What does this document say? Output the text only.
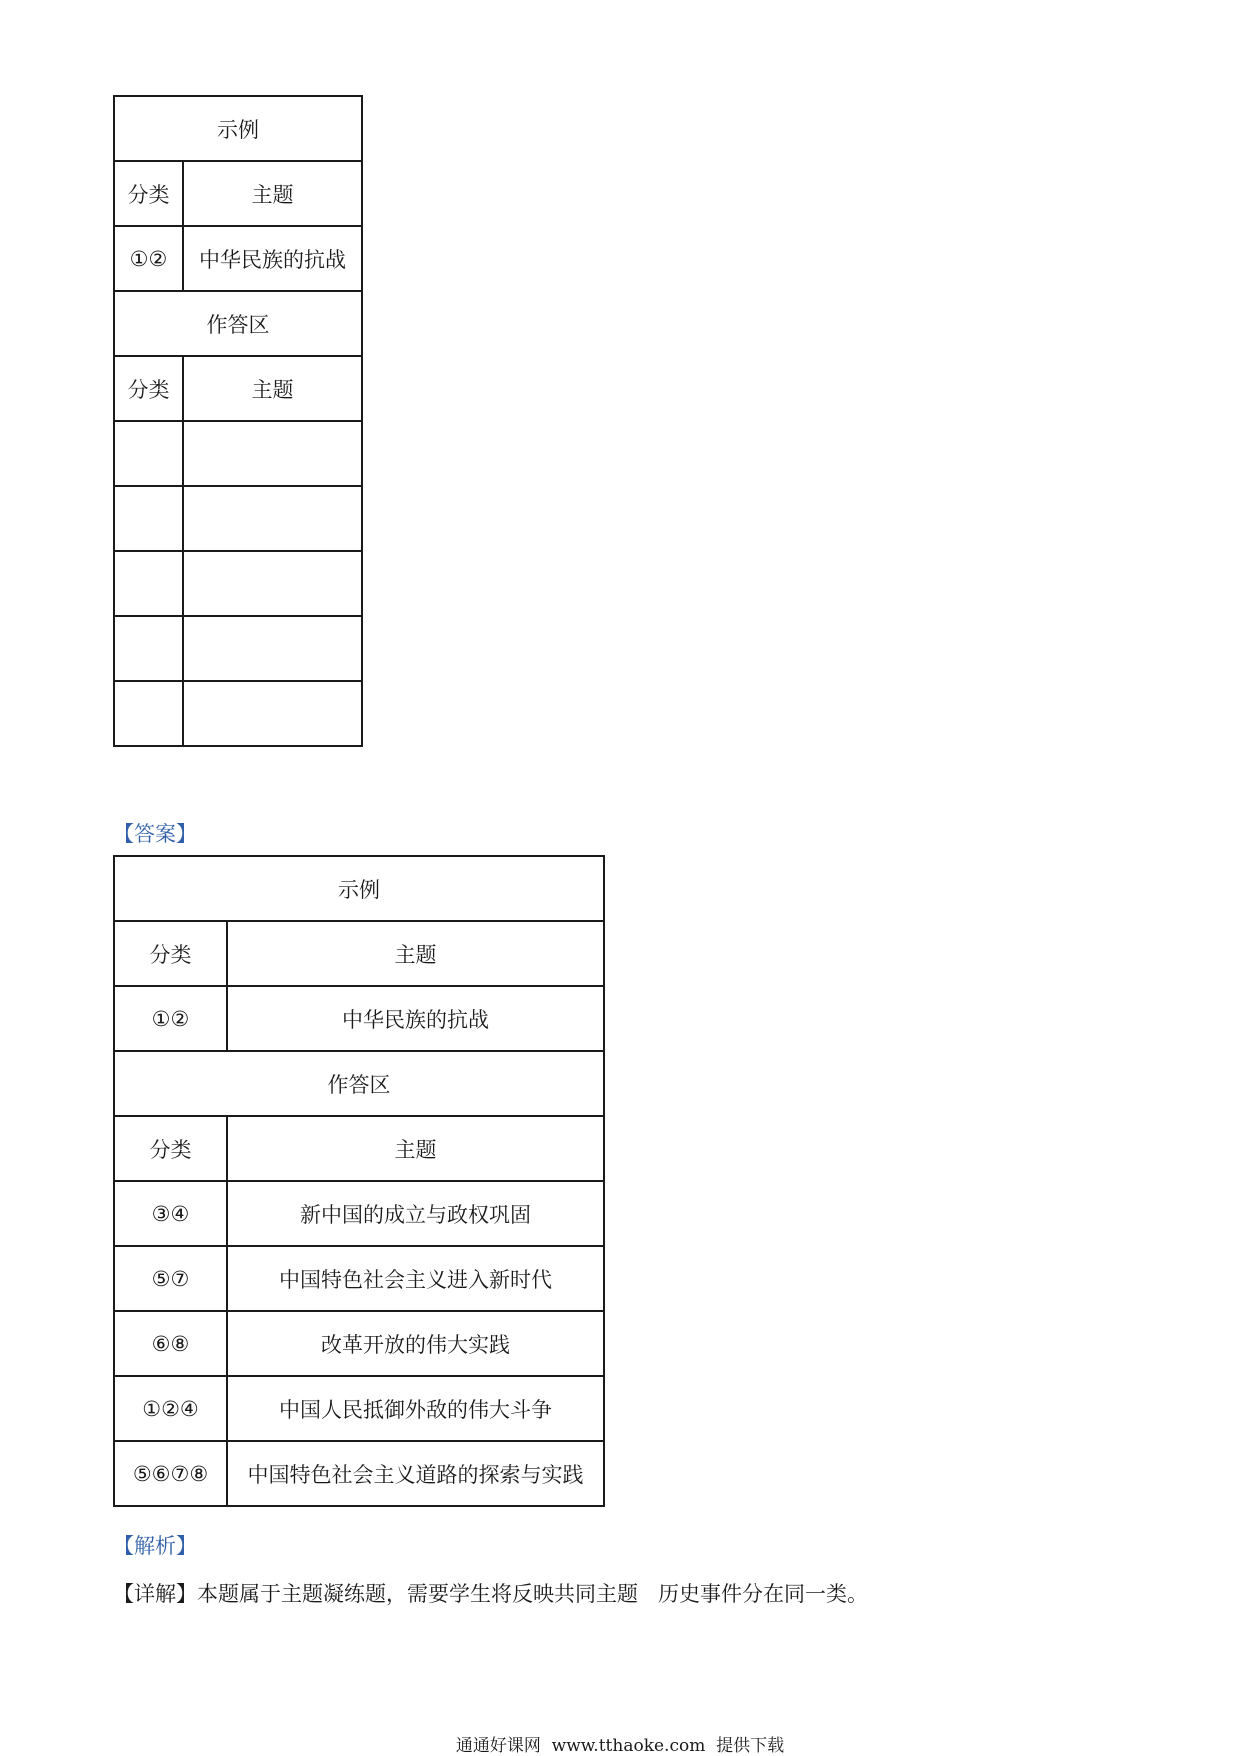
示例	
分类	主题
①②	中华民族的抗战
作答区	
分类	主题

【答案】
示例	
分类	主题
①②	中华民族的抗战
作答区	
分类	主题
③④	新中国的成立与政权巩固
⑤⑦	中国特色社会主义进入新时代
⑥⑧	改革开放的伟大实践
①②④	中国人民抵御外敌的伟大斗争
⑤⑥⑦⑧	中国特色社会主义道路的探索与实践
【解析】
【详解】本题属于主题凝练题，需要学生将反映共同主题   历史事件分在同一类。
通通好课网  www.tthaoke.com  提供下载
